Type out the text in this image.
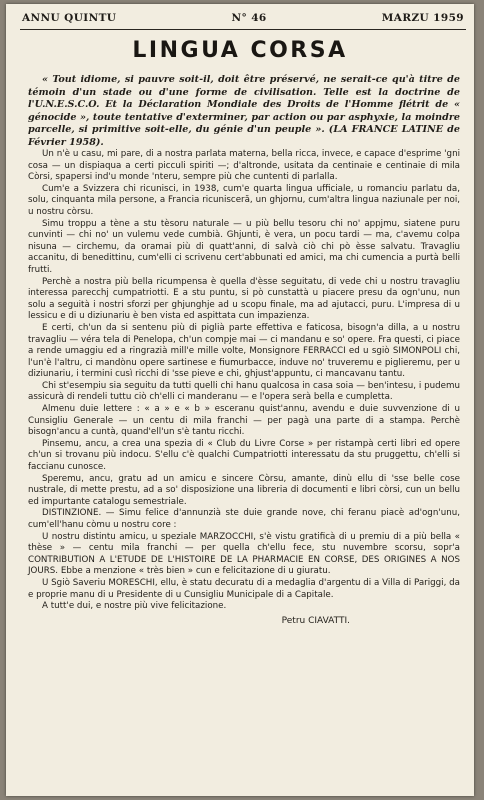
ANNU QUINTU	N° 46	MARZU 1959
LINGUA CORSA

« Tout idiome, si pauvre soit-il, doit être préservé, ne serait-ce qu'à titre de témoin d'un stade ou d'une forme de civilisation. Telle est la doctrine de l'U.N.E.S.C.O. Et la Déclaration Mondiale des Droits de l'Homme flétrit de « génocide », toute tentative d'exterminer, par action ou par asphyxie, la moindre parcelle, si primitive soit-elle, du génie d'un peuple ». (LA FRANCE LATINE de Février 1958).

Un n'è u casu, mi pare, di a nostra parlata materna, bella ricca, invece, e capace d'esprime 'gni cosa — un dispiaqua a certi picculi spiriti —; d'altronde, usitata da centinaie e centinaie di mila Còrsi, spapersi ind'u monde 'nteru, sempre più che cuntenti di parlalla.

Cum'e a Svizzera chi ricunisci, in 1938, cum'e quarta lingua ufficiale, u romanciu parlatu da, solu, cinquanta mila persone, a Francia ricunisceră, un ghjornu, cum'altra lingua naziunale per noi, u nostru còrsu.

Simu troppu a tène a stu tèsoru naturale — u più bellu tesoru chi no' appjmu, siatene puru cunvinti — chi no' un vulemu vede cumbià. Ghjunti, è vera, un pocu tardi — ma, c'avemu colpa nisuna — circhemu, da oramai più di quatt'anni, di salvà ciò chi pò èsse salvatu. Travagliu accanitu, di benedittinu, cum'elli ci scrivenu cert'abbunati ed amici, ma chi cumencia a purtà belli frutti.

Perchè a nostra più bella ricumpensa è quella d'èsse seguitatu, di vede chi u nostru travagliu interessa parecchj cumpatriotti. E a stu puntu, si pò cunstattà u piacere presu da ogn'unu, nun solu a seguità i nostri sforzi per ghjunghje ad u scopu finale, ma ad ajutacci, puru. L'impresa di u lessicu e di u diziunariu è ben vista ed aspittata cun impazienza.

E certi, ch'un da si sentenu più di piglià parte effettiva e faticosa, bisogn'a dilla, a u nostru travagliu — véra tela di Penelopa, ch'un compje mai — ci mandanu e so' opere. Fra questi, ci piace a rende umaggiu ed a ringrazià mill'e mille volte, Monsignore FERRACCI ed u sgiò SIMONPOLI chi, l'un'è l'altru, ci mandònu opere sartinese e fiumurbacce, induve no' truveremu e piglieremu, per u diziunariu, i termini cusì ricchi di 'sse pieve e chi, ghjust'appuntu, ci mancavanu tantu.

Chi st'esempiu sia seguitu da tutti quelli chi hanu qualcosa in casa soia — ben'intesu, i pudemu assicurà di rendeli tuttu ciò ch'elli ci manderanu — e l'opera serà bella e cumpletta.

Almenu duie lettere : « a » e « b » esceranu quist'annu, avendu e duie suvvenzione di u Cunsigliu Generale — un centu di mila franchi — per pagà una parte di a stampa. Perchè bisogn'ancu a cuntà, quand'ell'un s'è tantu ricchi.

Pinsemu, ancu, a crea una spezia di « Club du Livre Corse » per ristampà certi libri ed opere ch'un si trovanu più indocu. S'ellu c'è qualchi Cumpatriotti interessatu da stu pruggettu, ch'elli si faccianu cunosce.

Speremu, ancu, gratu ad un amicu e sincere Còrsu, amante, dinù ellu di 'sse belle cose nustrale, di mette prestu, ad a so' disposizione una libreria di documenti e libri còrsi, cun un bellu ed impurtante catalogu semestriale.

DISTINZIONE. — Simu felice d'annunzià ste duie grande nove, chi feranu piacè ad'ogn'unu, cum'ell'hanu còmu u nostru core :

U nostru distintu amicu, u speziale MARZOCCHI, s'è vistu gratificà di u premiu di a più bella « thèse » — centu mila franchi — per quella ch'ellu fece, stu nuvembre scorsu, sopr'a CONTRIBUTION A L'ETUDE DE L'HISTOIRE DE LA PHARMACIE EN CORSE, DES ORIGINES A NOS JOURS. Ebbe a menzione « très bien » cun e felicitazione di u giuratu.

U Sgiò Saveriu MORESCHI, ellu, è statu decuratu di a medaglia d'argentu di a Villa di Pariggi, da e proprie manu di u Presidente di u Cunsigliu Municipale di a Capitale.

A tutt'e dui, e nostre più vive felicitazione.

Petru CIAVATTI.
